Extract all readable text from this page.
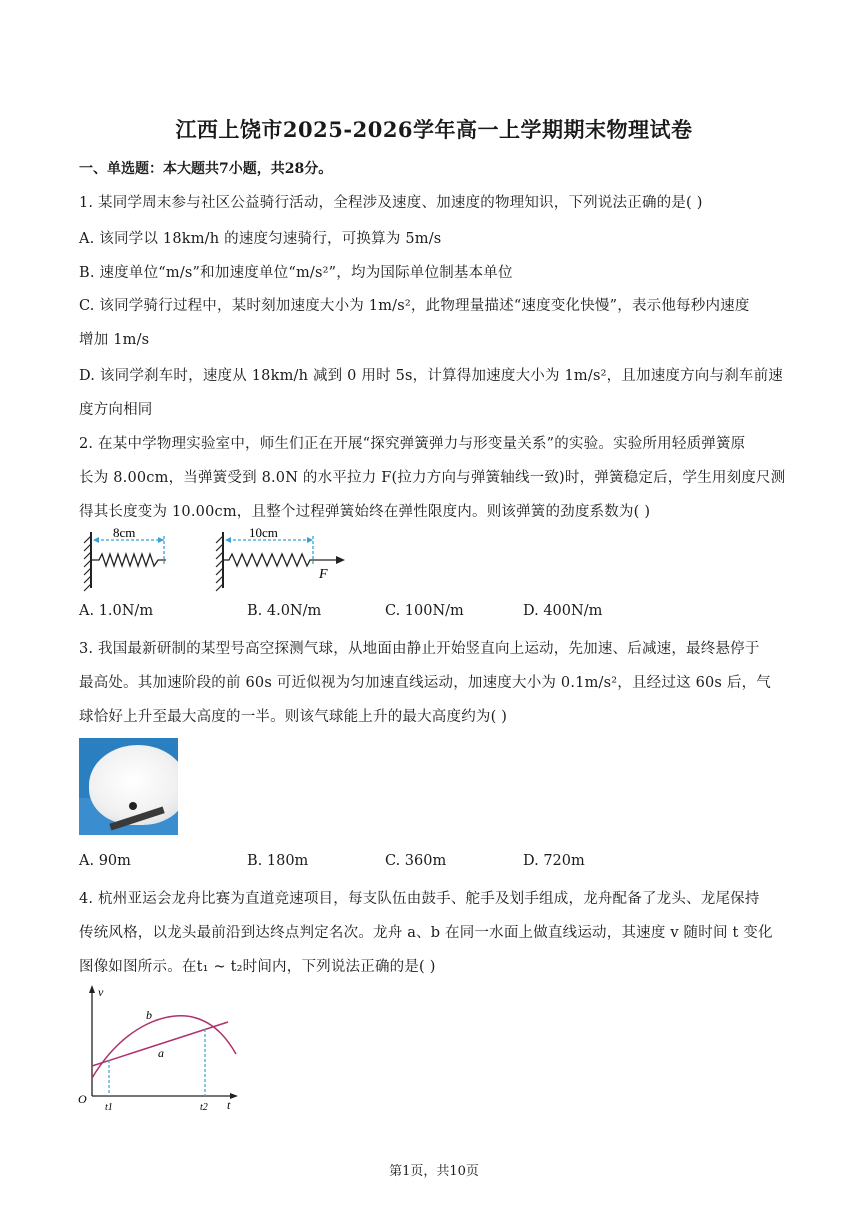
江西上饶市2025-2026学年高一上学期期末物理试卷
一、单选题：本大题共7小题，共28分。
1. 某同学周末参与社区公益骑行活动，全程涉及速度、加速度的物理知识，下列说法正确的是( )
A. 该同学以 18km/h 的速度匀速骑行，可换算为 5m/s
B. 速度单位“m/s”和加速度单位“m/s²”，均为国际单位制基本单位
C. 该同学骑行过程中，某时刻加速度大小为 1m/s²，此物理量描述“速度变化快慢”，表示他每秒内速度
增加 1m/s
D. 该同学刹车时，速度从 18km/h 减到 0 用时 5s，计算得加速度大小为 1m/s²，且加速度方向与刹车前速
度方向相同
2. 在某中学物理实验室中，师生们正在开展“探究弹簧弹力与形变量关系”的实验。实验所用轻质弹簧原
长为 8.00cm，当弹簧受到 8.0N 的水平拉力 F(拉力方向与弹簧轴线一致)时，弹簧稳定后，学生用刻度尺测
得其长度变为 10.00cm，且整个过程弹簧始终在弹性限度内。则该弹簧的劲度系数为( )
8cm
F
10cm
A. 1.0N/m	B. 4.0N/m	C. 100N/m	D. 400N/m
3. 我国最新研制的某型号高空探测气球，从地面由静止开始竖直向上运动，先加速、后减速，最终悬停于
最高处。其加速阶段的前 60s 可近似视为匀加速直线运动，加速度大小为 0.1m/s²，且经过这 60s 后，气
球恰好上升至最大高度的一半。则该气球能上升的最大高度约为( )
A. 90m	B. 180m	C. 360m	D. 720m
4. 杭州亚运会龙舟比赛为直道竞速项目，每支队伍由鼓手、舵手及划手组成，龙舟配备了龙头、龙尾保持
传统风格，以龙头最前沿到达终点判定名次。龙舟 a、b 在同一水面上做直线运动，其速度 v 随时间 t 变化
图像如图所示。在t₁ ~ t₂时间内，下列说法正确的是( )
v
t
O
a
b
t1	t2
第1页，共10页
